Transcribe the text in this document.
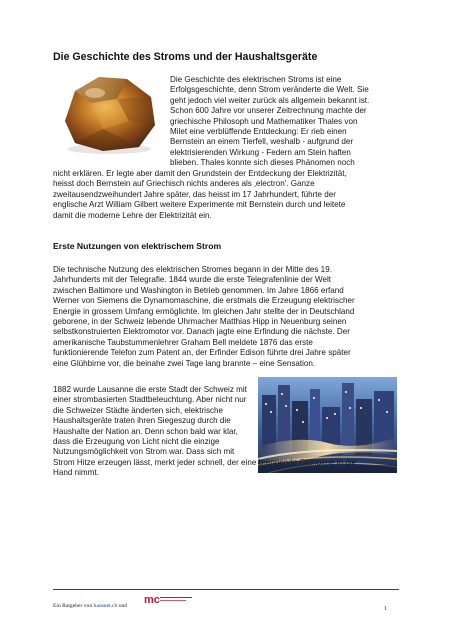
Die Geschichte des Stroms und der Haushaltsgeräte
Die Geschichte des elektrischen Stroms ist eine
Erfolgsgeschichte, denn Strom veränderte die Welt. Sie
geht jedoch viel weiter zurück als allgemein bekannt ist.
Schon 600 Jahre vor unserer Zeitrechnung machte der
griechische Philosoph und Mathematiker Thales von
Milet eine verblüffende Entdeckung: Er rieb einen
Bernstein an einem Tierfell, weshalb - aufgrund der
elektrisierenden Wirkung - Federn am Stein haften
blieben. Thales konnte sich dieses Phänomen noch
nicht erklären. Er legte aber damit den Grundstein der Entdeckung der Elektrizität,
heisst doch Bernstein auf Griechisch nichts anderes als ‚electron'. Ganze
zweitausendzweihundert Jahre später, das heisst im 17 Jahrhundert, führte der
englische Arzt William Gilbert weitere Experimente mit Bernstein durch und leitete
damit die moderne Lehre der Elektrizität ein.
Erste Nutzungen von elektrischem Strom
Die technische Nutzung des elektrischen Stromes begann in der Mitte des 19.
Jahrhunderts mit der Telegrafie. 1844 wurde die erste Telegrafenlinie der Welt
zwischen Baltimore und Washington in Betrieb genommen. Im Jahre 1866 erfand
Werner von Siemens die Dynamomaschine, die erstmals die Erzeugung elektrischer
Energie in grossem Umfang ermöglichte. Im gleichen Jahr stellte der in Deutschland
geborene, in der Schweiz lebende Uhrmacher Matthias Hipp in Neuenburg seinen
selbstkonstruierten Elektromotor vor. Danach jagte eine Erfindung die nächste. Der
amerikanische Taubstummenlehrer Graham Bell meldete 1876 das erste
funktionierende Telefon zum Patent an, der Erfinder Edison führte drei Jahre später
eine Glühbirne vor, die beinahe zwei Tage lang brannte – eine Sensation.
1882 wurde Lausanne die erste Stadt der Schweiz mit
einer strombasierten Stadtbeleuchtung. Aber nicht nur
die Schweizer Städte änderten sich, elektrische
Haushaltsgeräte traten ihren Siegeszug durch die
Haushalte der Nation an. Denn schon bald war klar,
dass die Erzeugung von Licht nicht die einzige
Nutzungsmöglichkeit von Strom war. Dass sich mit
Strom Hitze erzeugen lässt, merkt jeder schnell, der eine brennende Glühbirne in die
Hand nimmt.
Ein Ratgeber von hausnet.ch und mc
1
